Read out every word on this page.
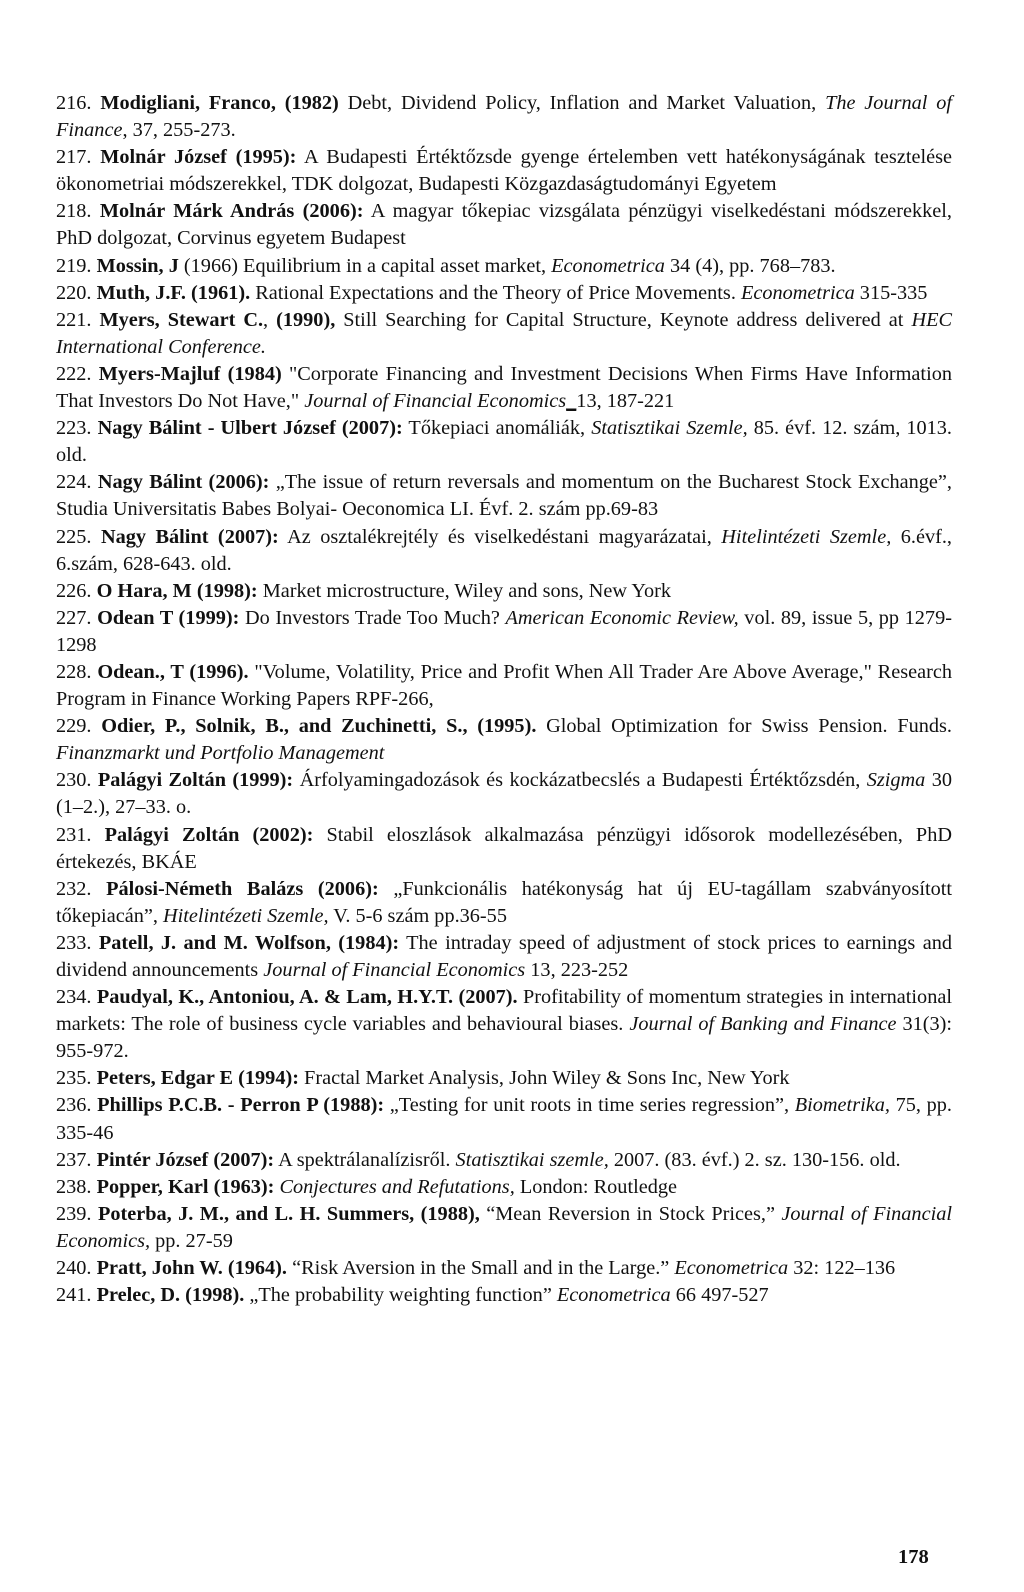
216. Modigliani, Franco, (1982) Debt, Dividend Policy, Inflation and Market Valuation, The Journal of Finance, 37, 255-273.

217. Molnár József (1995): A Budapesti Értéktőzsde gyenge értelemben vett hatékonyságának tesztelése ökonometriai módszerekkel, TDK dolgozat, Budapesti Közgazdaságtudományi Egyetem

218. Molnár Márk András (2006): A magyar tőkepiac vizsgálata pénzügyi viselkedéstani módszerekkel, PhD dolgozat, Corvinus egyetem Budapest

219. Mossin, J (1966) Equilibrium in a capital asset market, Econometrica 34 (4), pp. 768–783.

220. Muth, J.F. (1961). Rational Expectations and the Theory of Price Movements. Econometrica 315-335

221. Myers, Stewart C., (1990), Still Searching for Capital Structure, Keynote address delivered at HEC International Conference.

222. Myers-Majluf (1984) "Corporate Financing and Investment Decisions When Firms Have Information That Investors Do Not Have," Journal of Financial Economics_13, 187-221

223. Nagy Bálint - Ulbert József (2007): Tőkepiaci anomáliák, Statisztikai Szemle, 85. évf. 12. szám, 1013. old.

224. Nagy Bálint (2006): „The issue of return reversals and momentum on the Bucharest Stock Exchange”, Studia Universitatis Babes Bolyai- Oeconomica LI. Évf. 2. szám pp.69-83

225. Nagy Bálint (2007): Az osztalékrejtély és viselkedéstani magyarázatai, Hitelintézeti Szemle, 6.évf., 6.szám, 628-643. old.

226. O Hara, M (1998): Market microstructure, Wiley and sons, New York

227. Odean T (1999): Do Investors Trade Too Much? American Economic Review, vol. 89, issue 5, pp 1279-1298

228. Odean., T (1996). "Volume, Volatility, Price and Profit When All Trader Are Above Average," Research Program in Finance Working Papers RPF-266,

229. Odier, P., Solnik, B., and Zuchinetti, S., (1995). Global Optimization for Swiss Pension. Funds. Finanzmarkt und Portfolio Management

230. Palágyi Zoltán (1999): Árfolyamingadozások és kockázatbecslés a Budapesti Értéktőzsdén, Szigma 30 (1–2.), 27–33. o.

231. Palágyi Zoltán (2002): Stabil eloszlások alkalmazása pénzügyi idősorok modellezésében, PhD értekezés, BKÁE

232. Pálosi-Németh Balázs (2006): „Funkcionális hatékonyság hat új EU-tagállam szabványosított tőkepiacán”, Hitelintézeti Szemle, V. 5-6 szám pp.36-55

233. Patell, J. and M. Wolfson, (1984): The intraday speed of adjustment of stock prices to earnings and dividend announcements Journal of Financial Economics 13, 223-252

234. Paudyal, K., Antoniou, A. & Lam, H.Y.T. (2007). Profitability of momentum strategies in international markets: The role of business cycle variables and behavioural biases. Journal of Banking and Finance 31(3): 955-972.

235. Peters, Edgar E (1994): Fractal Market Analysis, John Wiley & Sons Inc, New York

236. Phillips P.C.B. - Perron P (1988): „Testing for unit roots in time series regression”, Biometrika, 75, pp. 335-46

237. Pintér József (2007): A spektrálanalízisről. Statisztikai szemle, 2007. (83. évf.) 2. sz. 130-156. old.

238. Popper, Karl (1963): Conjectures and Refutations, London: Routledge

239. Poterba, J. M., and L. H. Summers, (1988), “Mean Reversion in Stock Prices,” Journal of Financial Economics, pp. 27-59

240. Pratt, John W. (1964). “Risk Aversion in the Small and in the Large.” Econometrica 32: 122–136

241. Prelec, D. (1998). „The probability weighting function” Econometrica 66 497-527

178
